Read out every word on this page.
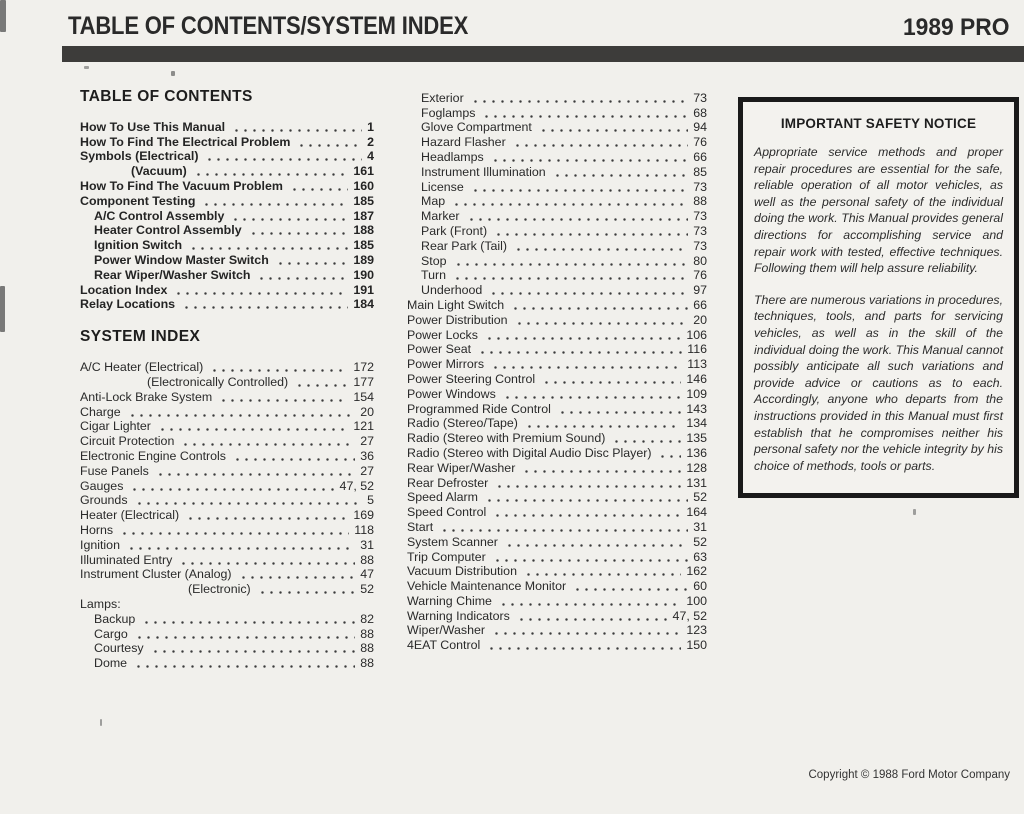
TABLE OF CONTENTS/SYSTEM INDEX	1989 PRO
TABLE OF CONTENTS
How To Use This Manual	1
How To Find The Electrical Problem	2
Symbols (Electrical)	4
(Vacuum)	161
How To Find The Vacuum Problem	160
Component Testing	185
A/C Control Assembly	187
Heater Control Assembly	188
Ignition Switch	185
Power Window Master Switch	189
Rear Wiper/Washer Switch	190
Location Index	191
Relay Locations	184
SYSTEM INDEX
A/C Heater (Electrical)	172
(Electronically Controlled)	177
Anti-Lock Brake System	154
Charge	20
Cigar Lighter	121
Circuit Protection	27
Electronic Engine Controls	36
Fuse Panels	27
Gauges	47, 52
Grounds	5
Heater (Electrical)	169
Horns	118
Ignition	31
Illuminated Entry	88
Instrument Cluster (Analog)	47
(Electronic)	52
Lamps:
Backup	82
Cargo	88
Courtesy	88
Dome	88
Exterior	73
Foglamps	68
Glove Compartment	94
Hazard Flasher	76
Headlamps	66
Instrument Illumination	85
License	73
Map	88
Marker	73
Park (Front)	73
Rear Park (Tail)	73
Stop	80
Turn	76
Underhood	97
Main Light Switch	66
Power Distribution	20
Power Locks	106
Power Seat	116
Power Mirrors	113
Power Steering Control	146
Power Windows	109
Programmed Ride Control	143
Radio (Stereo/Tape)	134
Radio (Stereo with Premium Sound)	135
Radio (Stereo with Digital Audio Disc Player)	136
Rear Wiper/Washer	128
Rear Defroster	131
Speed Alarm	52
Speed Control	164
Start	31
System Scanner	52
Trip Computer	63
Vacuum Distribution	162
Vehicle Maintenance Monitor	60
Warning Chime	100
Warning Indicators	47, 52
Wiper/Washer	123
4EAT Control	150
IMPORTANT SAFETY NOTICE

Appropriate service methods and proper repair procedures are essential for the safe, reliable operation of all motor vehicles, as well as the personal safety of the individual doing the work. This Manual provides general directions for accomplishing service and repair work with tested, effective techniques. Following them will help assure reliability.

There are numerous variations in procedures, techniques, tools, and parts for servicing vehicles, as well as in the skill of the individual doing the work. This Manual cannot possibly anticipate all such variations and provide advice or cautions as to each. Accordingly, anyone who departs from the instructions provided in this Manual must first establish that he compromises neither his personal safety nor the vehicle integrity by his choice of methods, tools or parts.

Copyright © 1988 Ford Motor Company
